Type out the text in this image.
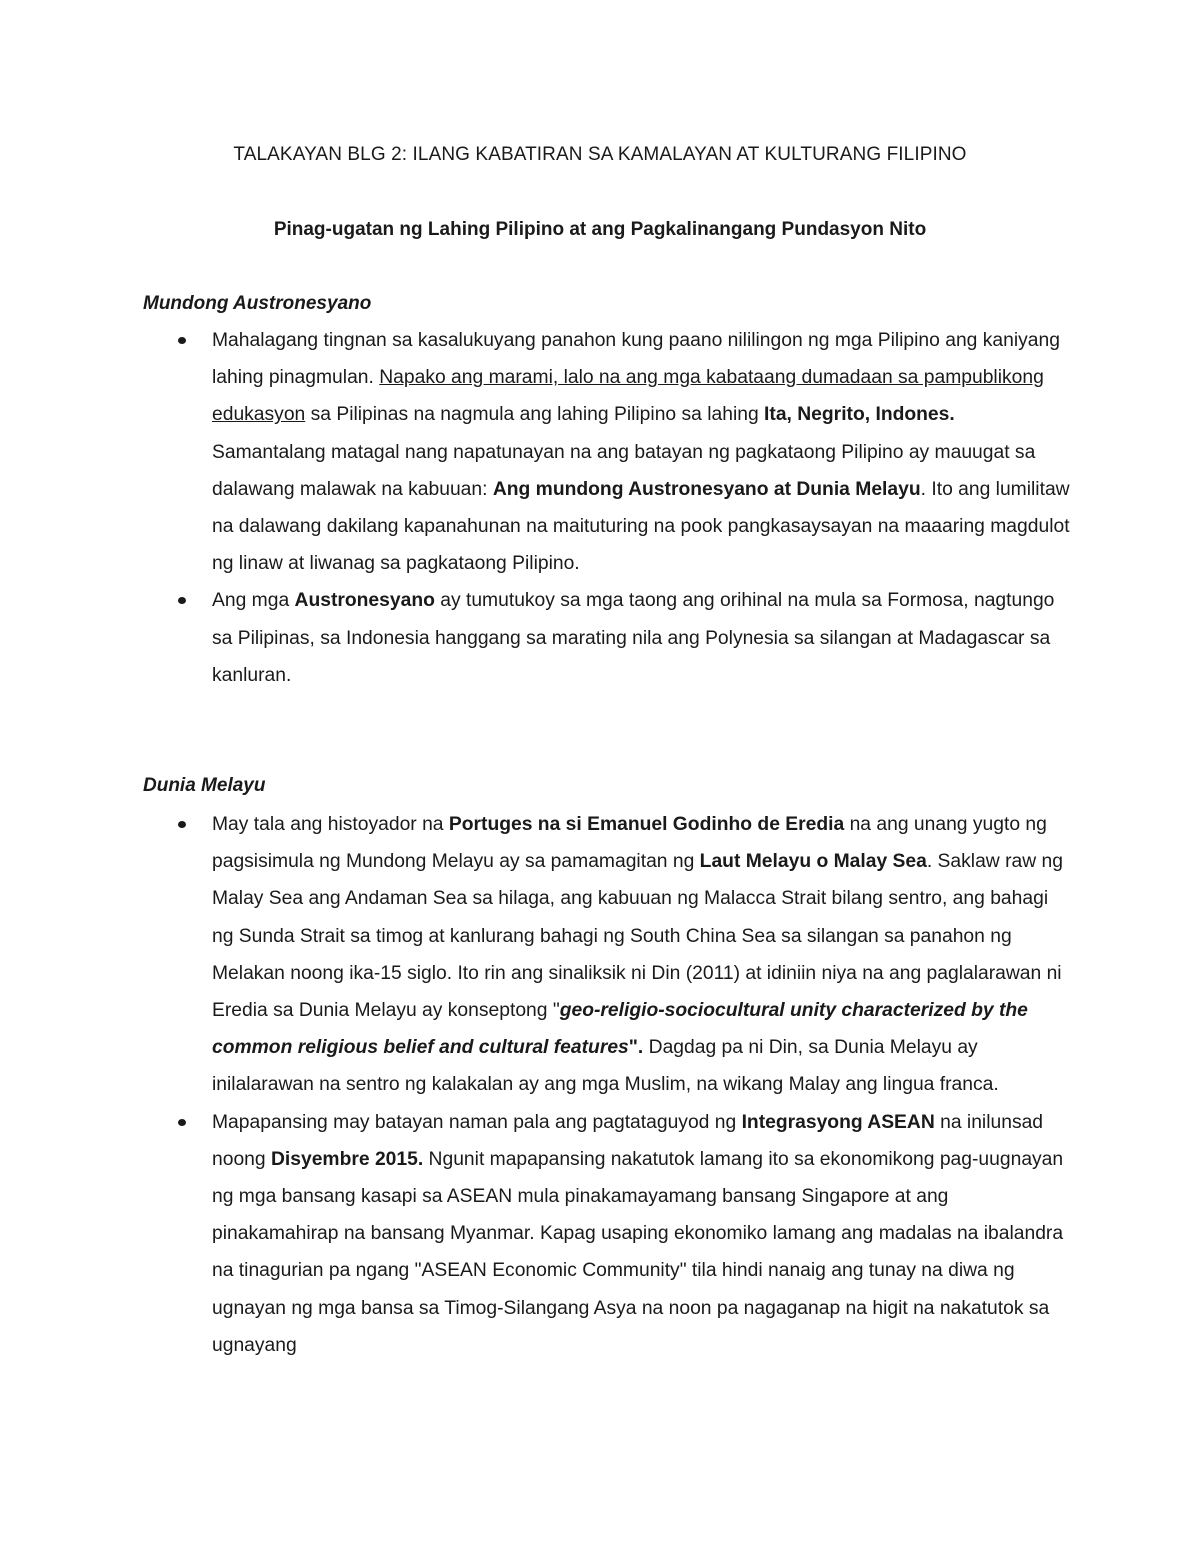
TALAKAYAN BLG 2: ILANG KABATIRAN SA KAMALAYAN AT KULTURANG FILIPINO
Pinag-ugatan ng Lahing Pilipino at ang Pagkalinangang Pundasyon Nito
Mundong Austronesyano
Mahalagang tingnan sa kasalukuyang panahon kung paano nililingon ng mga Pilipino ang kaniyang lahing pinagmulan. Napako ang marami, lalo na ang mga kabataang dumadaan sa pampublikong edukasyon sa Pilipinas na nagmula ang lahing Pilipino sa lahing Ita, Negrito, Indones. Samantalang matagal nang napatunayan na ang batayan ng pagkataong Pilipino ay mauugat sa dalawang malawak na kabuuan: Ang mundong Austronesyano at Dunia Melayu. Ito ang lumilitaw na dalawang dakilang kapanahunan na maituturing na pook pangkasaysayan na maaaring magdulot ng linaw at liwanag sa pagkataong Pilipino.
Ang mga Austronesyano ay tumutukoy sa mga taong ang orihinal na mula sa Formosa, nagtungo sa Pilipinas, sa Indonesia hanggang sa marating nila ang Polynesia sa silangan at Madagascar sa kanluran.
Dunia Melayu
May tala ang histoyador na Portuges na si Emanuel Godinho de Eredia na ang unang yugto ng pagsisimula ng Mundong Melayu ay sa pamamagitan ng Laut Melayu o Malay Sea. Saklaw raw ng Malay Sea ang Andaman Sea sa hilaga, ang kabuuan ng Malacca Strait bilang sentro, ang bahagi ng Sunda Strait sa timog at kanlurang bahagi ng South China Sea sa silangan sa panahon ng Melakan noong ika-15 siglo. Ito rin ang sinaliksik ni Din (2011) at idiniin niya na ang paglalarawan ni Eredia sa Dunia Melayu ay konseptong "geo-religio-sociocultural unity characterized by the common religious belief and cultural features". Dagdag pa ni Din, sa Dunia Melayu ay inilalarawan na sentro ng kalakalan ay ang mga Muslim, na wikang Malay ang lingua franca.
Mapapansing may batayan naman pala ang pagtataguyod ng Integrasyong ASEAN na inilunsad noong Disyembre 2015. Ngunit mapapansing nakatutok lamang ito sa ekonomikong pag-uugnayan ng mga bansang kasapi sa ASEAN mula pinakamayamang bansang Singapore at ang pinakamahirap na bansang Myanmar. Kapag usaping ekonomiko lamang ang madalas na ibalandra na tinagurian pa ngang "ASEAN Economic Community" tila hindi nanaig ang tunay na diwa ng ugnayan ng mga bansa sa Timog-Silangang Asya na noon pa nagaganap na higit na nakatutok sa ugnayang
